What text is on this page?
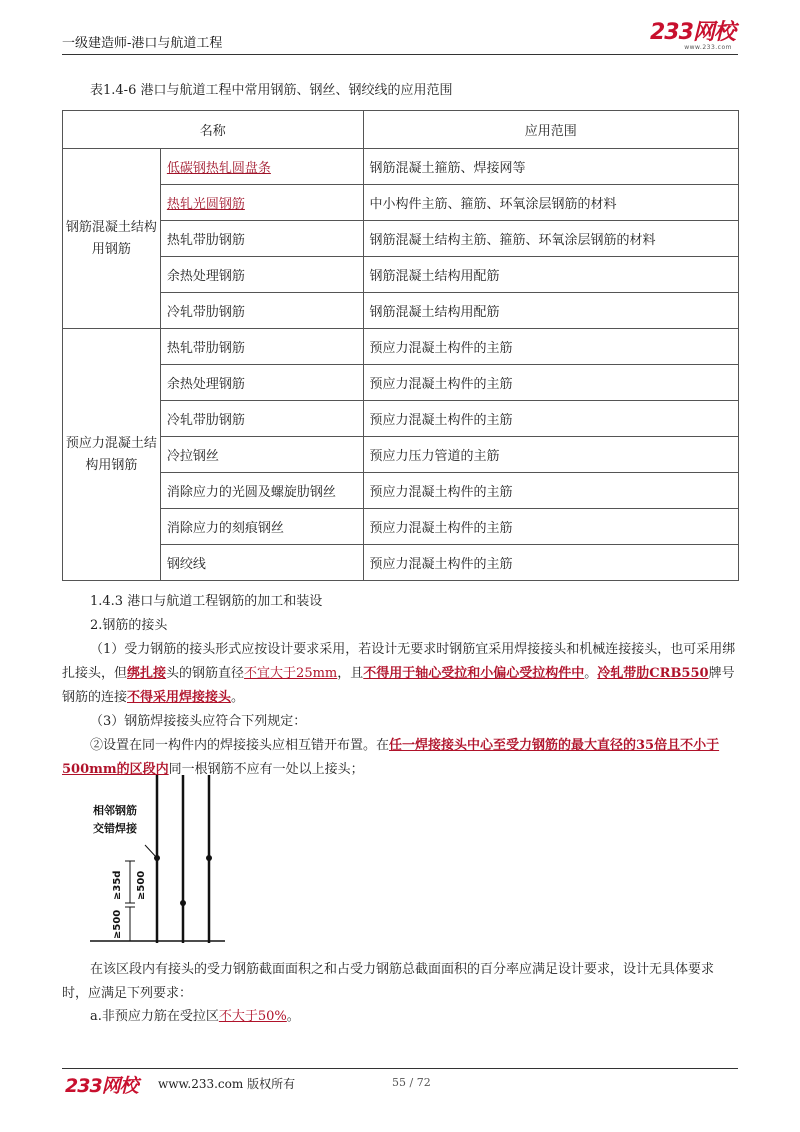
一级建造师-港口与航道工程	233网校
www.233.com
表1.4-6 港口与航道工程中常用钢筋、钢丝、钢绞线的应用范围
名称		应用范围
钢筋混凝土结构用钢筋	低碳钢热轧圆盘条	钢筋混凝土箍筋、焊接网等
	热轧光圆钢筋	中小构件主筋、箍筋、环氧涂层钢筋的材料
	热轧带肋钢筋	钢筋混凝土结构主筋、箍筋、环氧涂层钢筋的材料
	余热处理钢筋	钢筋混凝土结构用配筋
	冷轧带肋钢筋	钢筋混凝土结构用配筋
预应力混凝土结构用钢筋	热轧带肋钢筋	预应力混凝土构件的主筋
	余热处理钢筋	预应力混凝土构件的主筋
	冷轧带肋钢筋	预应力混凝土构件的主筋
	冷拉钢丝	预应力压力管道的主筋
	消除应力的光圆及螺旋肋钢丝	预应力混凝土构件的主筋
	消除应力的刻痕钢丝	预应力混凝土构件的主筋
	钢绞线	预应力混凝土构件的主筋
1.4.3 港口与航道工程钢筋的加工和装设
2.钢筋的接头
（1）受力钢筋的接头形式应按设计要求采用，若设计无要求时钢筋宜采用焊接接头和机械连接接头，也可采用绑扎接头，但绑扎接头的钢筋直径不宜大于25mm，且不得用于轴心受拉和小偏心受拉构件中。冷轧带肋CRB550牌号钢筋的连接不得采用焊接接头。
（3）钢筋焊接接头应符合下列规定：
②设置在同一构件内的焊接接头应相互错开布置。在任一焊接接头中心至受力钢筋的最大直径的35倍且不小于500mm的区段内同一根钢筋不应有一处以上接头；
相邻钢筋
交错焊接
≥35d ≥500
≥500
在该区段内有接头的受力钢筋截面面积之和占受力钢筋总截面面积的百分率应满足设计要求，设计无具体要求时，应满足下列要求：
a.非预应力筋在受拉区不大于50%。
233网校 www.233.com 版权所有	55 / 72
